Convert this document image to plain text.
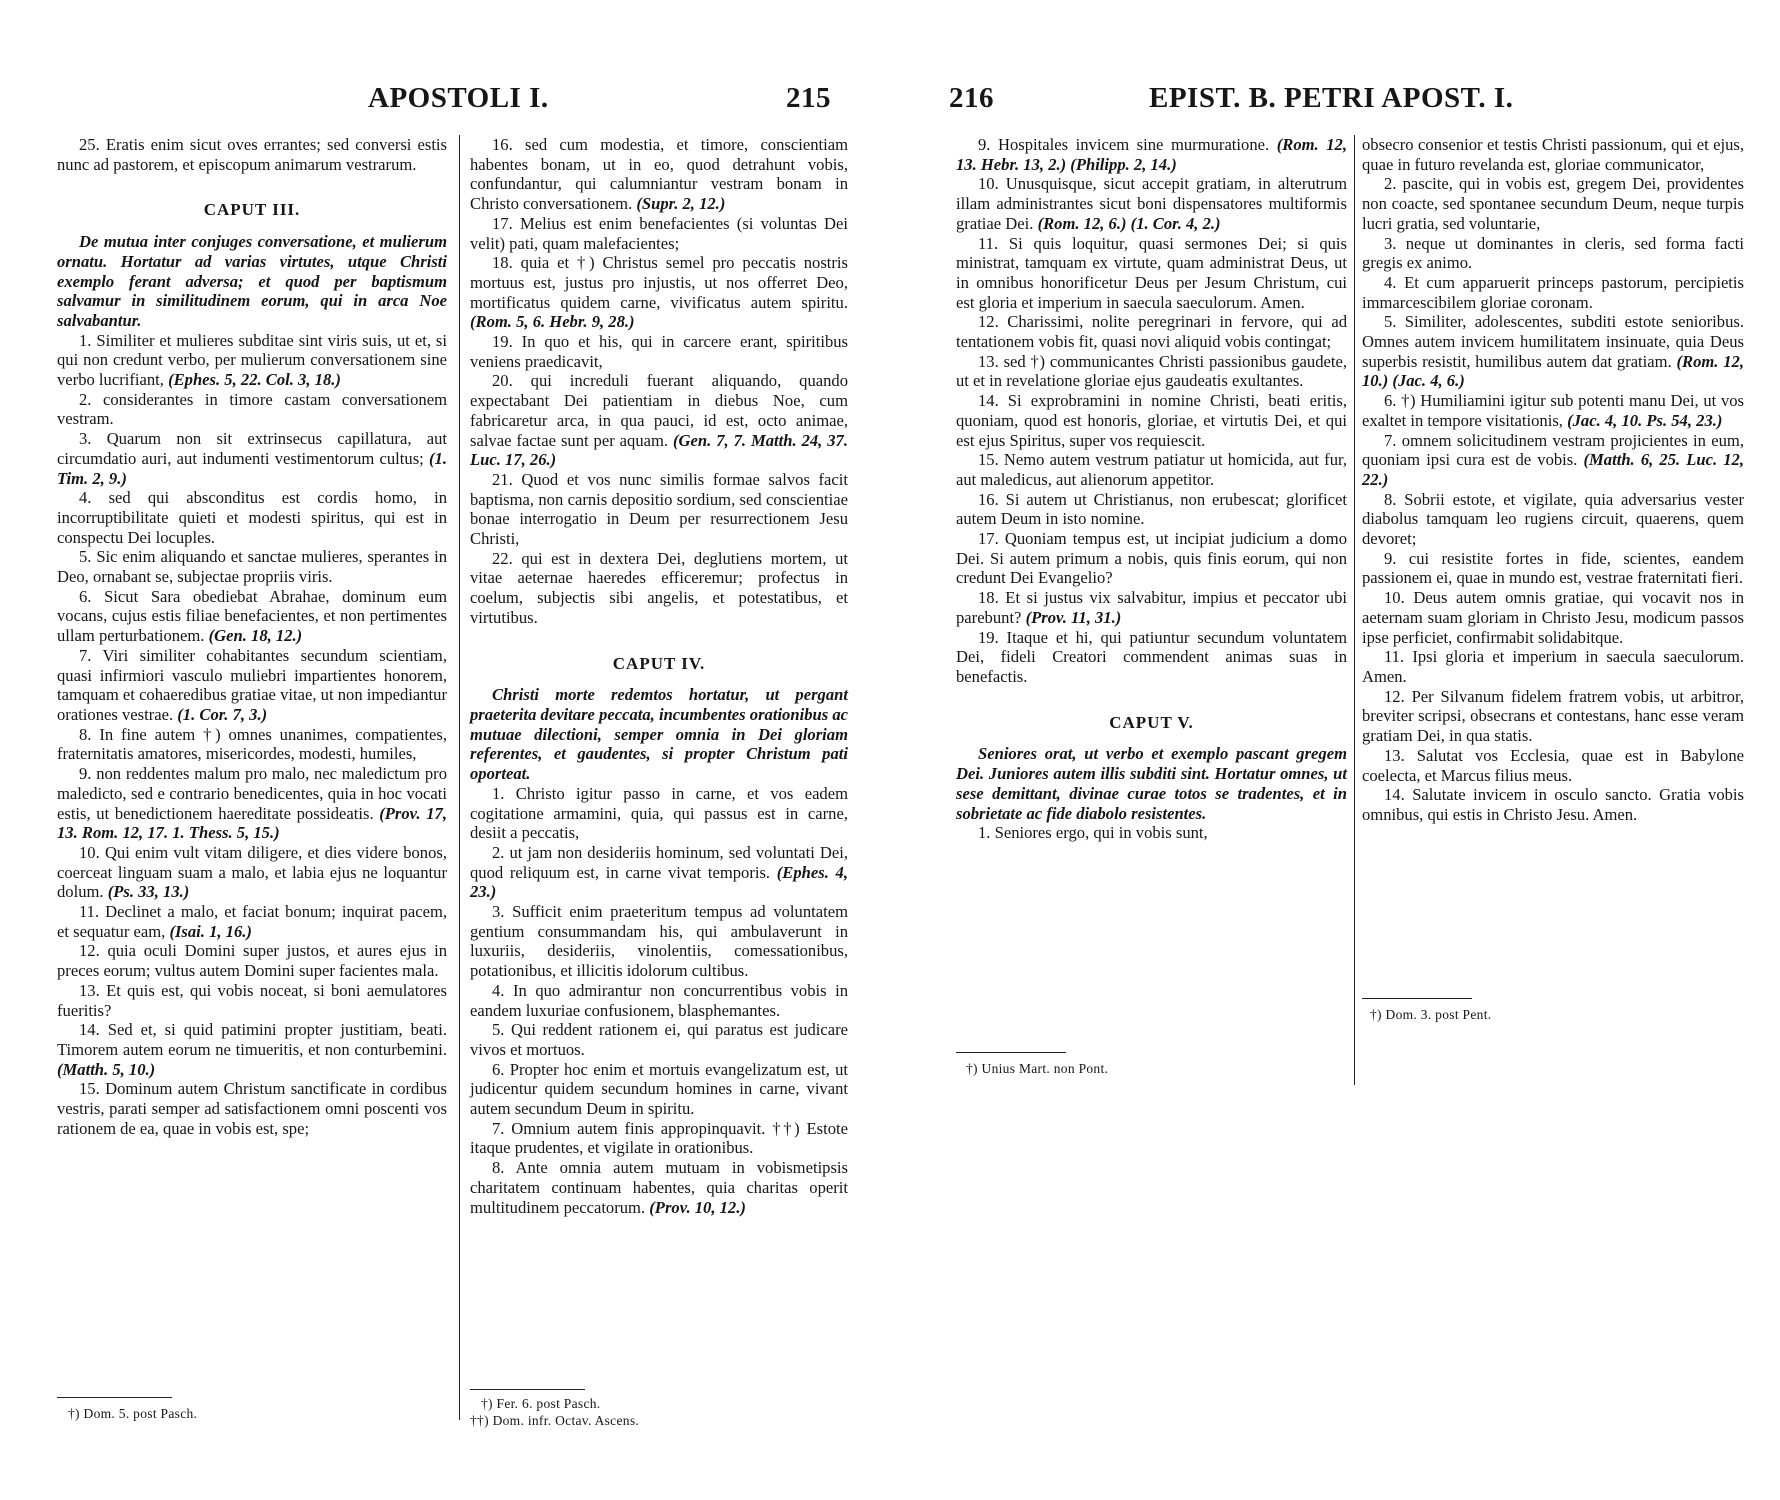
APOSTOLI I.	215

25. Eratis enim sicut oves errantes; sed conversi estis nunc ad pastorem, et episcopum animarum vestrarum.

CAPUT III.

De mutua inter conjuges conversatione, et mulierum ornatu. Hortatur ad varias virtutes, utque Christi exemplo ferant adversa; et quod per baptismum salvamur in similitudinem eorum, qui in arca Noe salvabantur.

1. Similiter et mulieres subditae sint viris suis, ut et, si qui non credunt verbo, per mulierum conversationem sine verbo lucrifiant, (Ephes. 5, 22. Col. 3, 18.)

2. considerantes in timore castam conversationem vestram.

3. Quarum non sit extrinsecus capillatura, aut circumdatio auri, aut indumenti vestimentorum cultus; (1. Tim. 2, 9.)

4. sed qui absconditus est cordis homo, in incorruptibilitate quieti et modesti spiritus, qui est in conspectu Dei locuples.

5. Sic enim aliquando et sanctae mulieres, sperantes in Deo, ornabant se, subjectae propriis viris.

6. Sicut Sara obediebat Abrahae, dominum eum vocans, cujus estis filiae benefacientes, et non pertimentes ullam perturbationem. (Gen. 18, 12.)

7. Viri similiter cohabitantes secundum scientiam, quasi infirmiori vasculo muliebri impartientes honorem, tamquam et cohaeredibus gratiae vitae, ut non impediantur orationes vestrae. (1. Cor. 7, 3.)

8. In fine autem †) omnes unanimes, compatientes, fraternitatis amatores, misericordes, modesti, humiles,

9. non reddentes malum pro malo, nec maledictum pro maledicto, sed e contrario benedicentes, quia in hoc vocati estis, ut benedictionem haereditate possideatis. (Prov. 17, 13. Rom. 12, 17. 1. Thess. 5, 15.)

10. Qui enim vult vitam diligere, et dies videre bonos, coerceat linguam suam a malo, et labia ejus ne loquantur dolum. (Ps. 33, 13.)

11. Declinet a malo, et faciat bonum; inquirat pacem, et sequatur eam, (Isai. 1, 16.)

12. quia oculi Domini super justos, et aures ejus in preces eorum; vultus autem Domini super facientes mala.

13. Et quis est, qui vobis noceat, si boni aemulatores fueritis?

14. Sed et, si quid patimini propter justitiam, beati. Timorem autem eorum ne timueritis, et non conturbemini. (Matth. 5, 10.)

15. Dominum autem Christum sanctificate in cordibus vestris, parati semper ad satisfactionem omni poscenti vos rationem de ea, quae in vobis est, spe;

16. sed cum modestia, et timore, conscientiam habentes bonam, ut in eo, quod detrahunt vobis, confundantur, qui calumniantur vestram bonam in Christo conversationem. (Supr. 2, 12.)

17. Melius est enim benefacientes (si voluntas Dei velit) pati, quam malefacientes;

18. quia et †) Christus semel pro peccatis nostris mortuus est, justus pro injustis, ut nos offerret Deo, mortificatus quidem carne, vivificatus autem spiritu. (Rom. 5, 6. Hebr. 9, 28.)

19. In quo et his, qui in carcere erant, spiritibus veniens praedicavit,

20. qui increduli fuerant aliquando, quando expectabant Dei patientiam in diebus Noe, cum fabricaretur arca, in qua pauci, id est, octo animae, salvae factae sunt per aquam. (Gen. 7, 7. Matth. 24, 37. Luc. 17, 26.)

21. Quod et vos nunc similis formae salvos facit baptisma, non carnis depositio sordium, sed conscientiae bonae interrogatio in Deum per resurrectionem Jesu Christi,

22. qui est in dextera Dei, deglutiens mortem, ut vitae aeternae haeredes efficeremur; profectus in coelum, subjectis sibi angelis, et potestatibus, et virtutibus.

CAPUT IV.

Christi morte redemtos hortatur, ut pergant praeterita devitare peccata, incumbentes orationibus ac mutuae dilectioni, semper omnia in Dei gloriam referentes, et gaudentes, si propter Christum pati oporteat.

1. Christo igitur passo in carne, et vos eadem cogitatione armamini, quia, qui passus est in carne, desiit a peccatis,

2. ut jam non desideriis hominum, sed voluntati Dei, quod reliquum est, in carne vivat temporis. (Ephes. 4, 23.)

3. Sufficit enim praeteritum tempus ad voluntatem gentium consummandam his, qui ambulaverunt in luxuriis, desideriis, vinolentiis, comessationibus, potationibus, et illicitis idolorum cultibus.

4. In quo admirantur non concurrentibus vobis in eandem luxuriae confusionem, blasphemantes.

5. Qui reddent rationem ei, qui paratus est judicare vivos et mortuos.

6. Propter hoc enim et mortuis evangelizatum est, ut judicentur quidem secundum homines in carne, vivant autem secundum Deum in spiritu.

7. Omnium autem finis appropinquavit. ††) Estote itaque prudentes, et vigilate in orationibus.

8. Ante omnia autem mutuam in vobismetipsis charitatem continuam habentes, quia charitas operit multitudinem peccatorum. (Prov. 10, 12.)

†) Dom. 5. post Pasch.
†) Fer. 6. post Pasch.
††) Dom. infr. Octav. Ascens.
216	EPIST. B. PETRI APOST. I.

9. Hospitales invicem sine murmuratione. (Rom. 12, 13. Hebr. 13, 2.) (Philipp. 2, 14.)

10. Unusquisque, sicut accepit gratiam, in alterutrum illam administrantes sicut boni dispensatores multiformis gratiae Dei. (Rom. 12, 6.) (1. Cor. 4, 2.)

11. Si quis loquitur, quasi sermones Dei; si quis ministrat, tamquam ex virtute, quam administrat Deus, ut in omnibus honorificetur Deus per Jesum Christum, cui est gloria et imperium in saecula saeculorum. Amen.

12. Charissimi, nolite peregrinari in fervore, qui ad tentationem vobis fit, quasi novi aliquid vobis contingat;

13. sed †) communicantes Christi passionibus gaudete, ut et in revelatione gloriae ejus gaudeatis exultantes.

14. Si exprobramini in nomine Christi, beati eritis, quoniam, quod est honoris, gloriae, et virtutis Dei, et qui est ejus Spiritus, super vos requiescit.

15. Nemo autem vestrum patiatur ut homicida, aut fur, aut maledicus, aut alienorum appetitor.

16. Si autem ut Christianus, non erubescat; glorificet autem Deum in isto nomine.

17. Quoniam tempus est, ut incipiat judicium a domo Dei. Si autem primum a nobis, quis finis eorum, qui non credunt Dei Evangelio?

18. Et si justus vix salvabitur, impius et peccator ubi parebunt? (Prov. 11, 31.)

19. Itaque et hi, qui patiuntur secundum voluntatem Dei, fideli Creatori commendent animas suas in benefactis.

CAPUT V.

Seniores orat, ut verbo et exemplo pascant gregem Dei. Juniores autem illis subditi sint. Hortatur omnes, ut sese demittant, divinae curae totos se tradentes, et in sobrietate ac fide diabolo resistentes.

1. Seniores ergo, qui in vobis sunt,

obsecro consenior et testis Christi passionum, qui et ejus, quae in futuro revelanda est, gloriae communicator,

2. pascite, qui in vobis est, gregem Dei, providentes non coacte, sed spontanee secundum Deum, neque turpis lucri gratia, sed voluntarie,

3. neque ut dominantes in cleris, sed forma facti gregis ex animo.

4. Et cum apparuerit princeps pastorum, percipietis immarcescibilem gloriae coronam.

5. Similiter, adolescentes, subditi estote senioribus. Omnes autem invicem humilitatem insinuate, quia Deus superbis resistit, humilibus autem dat gratiam. (Rom. 12, 10.) (Jac. 4, 6.)

6. †) Humiliamini igitur sub potenti manu Dei, ut vos exaltet in tempore visitationis, (Jac. 4, 10. Ps. 54, 23.)

7. omnem solicitudinem vestram projicientes in eum, quoniam ipsi cura est de vobis. (Matth. 6, 25. Luc. 12, 22.)

8. Sobrii estote, et vigilate, quia adversarius vester diabolus tamquam leo rugiens circuit, quaerens, quem devoret;

9. cui resistite fortes in fide, scientes, eandem passionem ei, quae in mundo est, vestrae fraternitati fieri.

10. Deus autem omnis gratiae, qui vocavit nos in aeternam suam gloriam in Christo Jesu, modicum passos ipse perficiet, confirmabit solidabitque.

11. Ipsi gloria et imperium in saecula saeculorum. Amen.

12. Per Silvanum fidelem fratrem vobis, ut arbitror, breviter scripsi, obsecrans et contestans, hanc esse veram gratiam Dei, in qua statis.

13. Salutat vos Ecclesia, quae est in Babylone coelecta, et Marcus filius meus.

14. Salutate invicem in osculo sancto. Gratia vobis omnibus, qui estis in Christo Jesu. Amen.

†) Unius Mart. non Pont.
†) Dom. 3. post Pent.
